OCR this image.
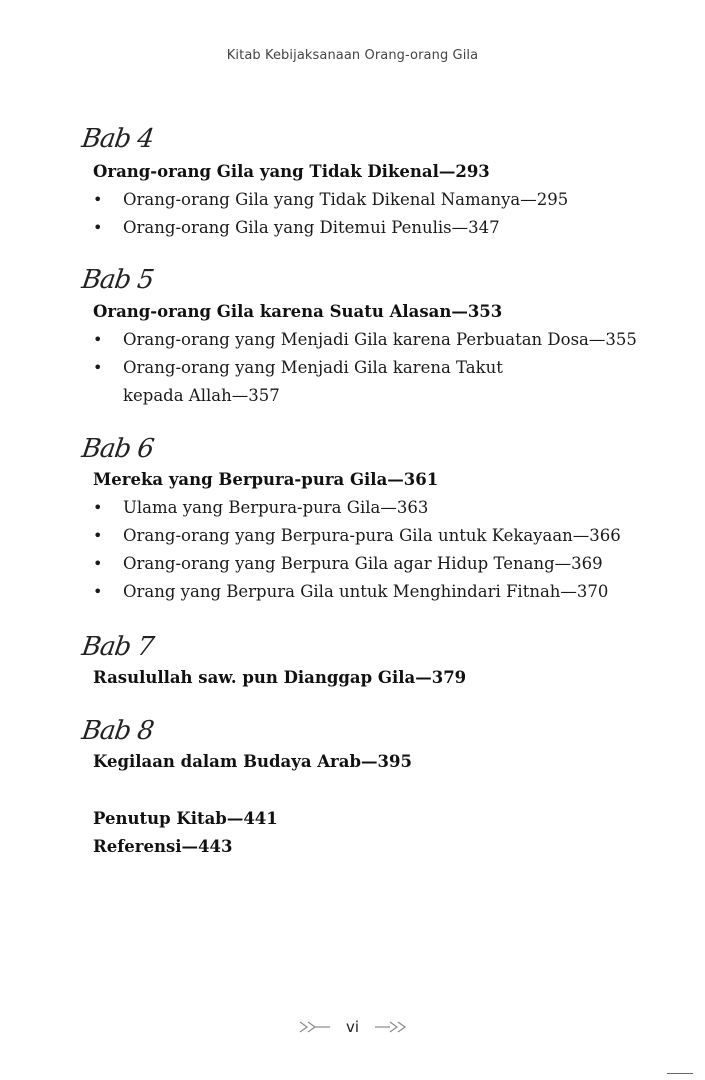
Kitab Kebijaksanaan Orang-orang Gila
Bab 4
Orang-orang Gila yang Tidak Dikenal—293
• Orang-orang Gila yang Tidak Dikenal Namanya—295
• Orang-orang Gila yang Ditemui Penulis—347
Bab 5
Orang-orang Gila karena Suatu Alasan—353
• Orang-orang yang Menjadi Gila karena Perbuatan Dosa—355
• Orang-orang yang Menjadi Gila karena Takut
kepada Allah—357
Bab 6
Mereka yang Berpura-pura Gila—361
• Ulama yang Berpura-pura Gila—363
• Orang-orang yang Berpura-pura Gila untuk Kekayaan—366
• Orang-orang yang Berpura Gila agar Hidup Tenang—369
• Orang yang Berpura Gila untuk Menghindari Fitnah—370
Bab 7
Rasulullah saw. pun Dianggap Gila—379
Bab 8
Kegilaan dalam Budaya Arab—395
Penutup Kitab—441
Referensi—443
vi
